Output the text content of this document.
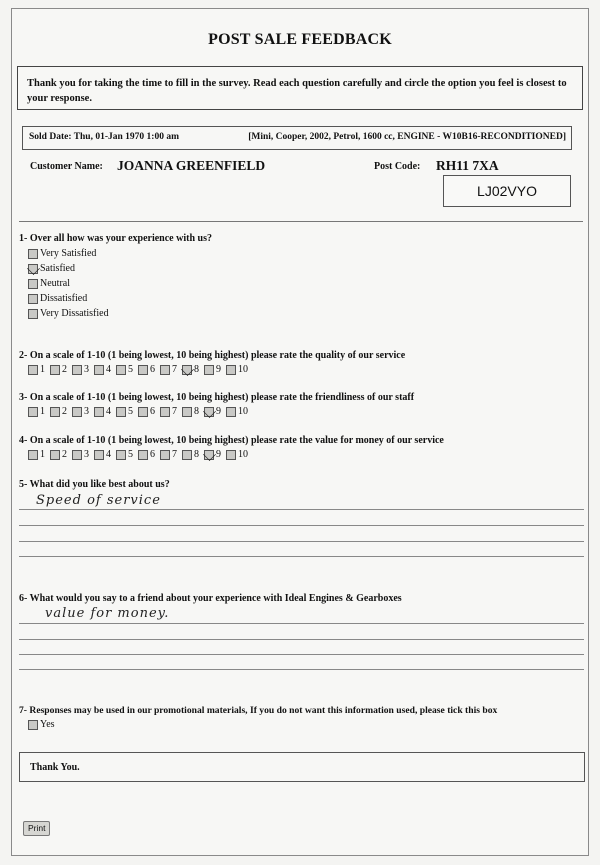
POST SALE FEEDBACK
Thank you for taking the time to fill in the survey. Read each question carefully and circle the option you feel is closest to your response.
Sold Date: Thu, 01-Jan 1970 1:00 am	[Mini, Cooper, 2002, Petrol, 1600 cc, ENGINE - W10B16-RECONDITIONED]
Customer Name: JOANNA GREENFIELD	Post Code: RH11 7XA
LJ02VYO
1- Over all how was your experience with us?
Very Satisfied
Satisfied
Neutral
Dissatisfied
Very Dissatisfied
2- On a scale of 1-10 (1 being lowest, 10 being highest) please rate the quality of our service
1 2 3 4 5 6 7 8 9 10
3- On a scale of 1-10 (1 being lowest, 10 being highest) please rate the friendliness of our staff
1 2 3 4 5 6 7 8 9 10
4- On a scale of 1-10 (1 being lowest, 10 being highest) please rate the value for money of our service
1 2 3 4 5 6 7 8 9 10
5- What did you like best about us?
Speed of service
6- What would you say to a friend about your experience with Ideal Engines & Gearboxes
value for money.
7- Responses may be used in our promotional materials, If you do not want this information used, please tick this box
Yes
Thank You.
Print
